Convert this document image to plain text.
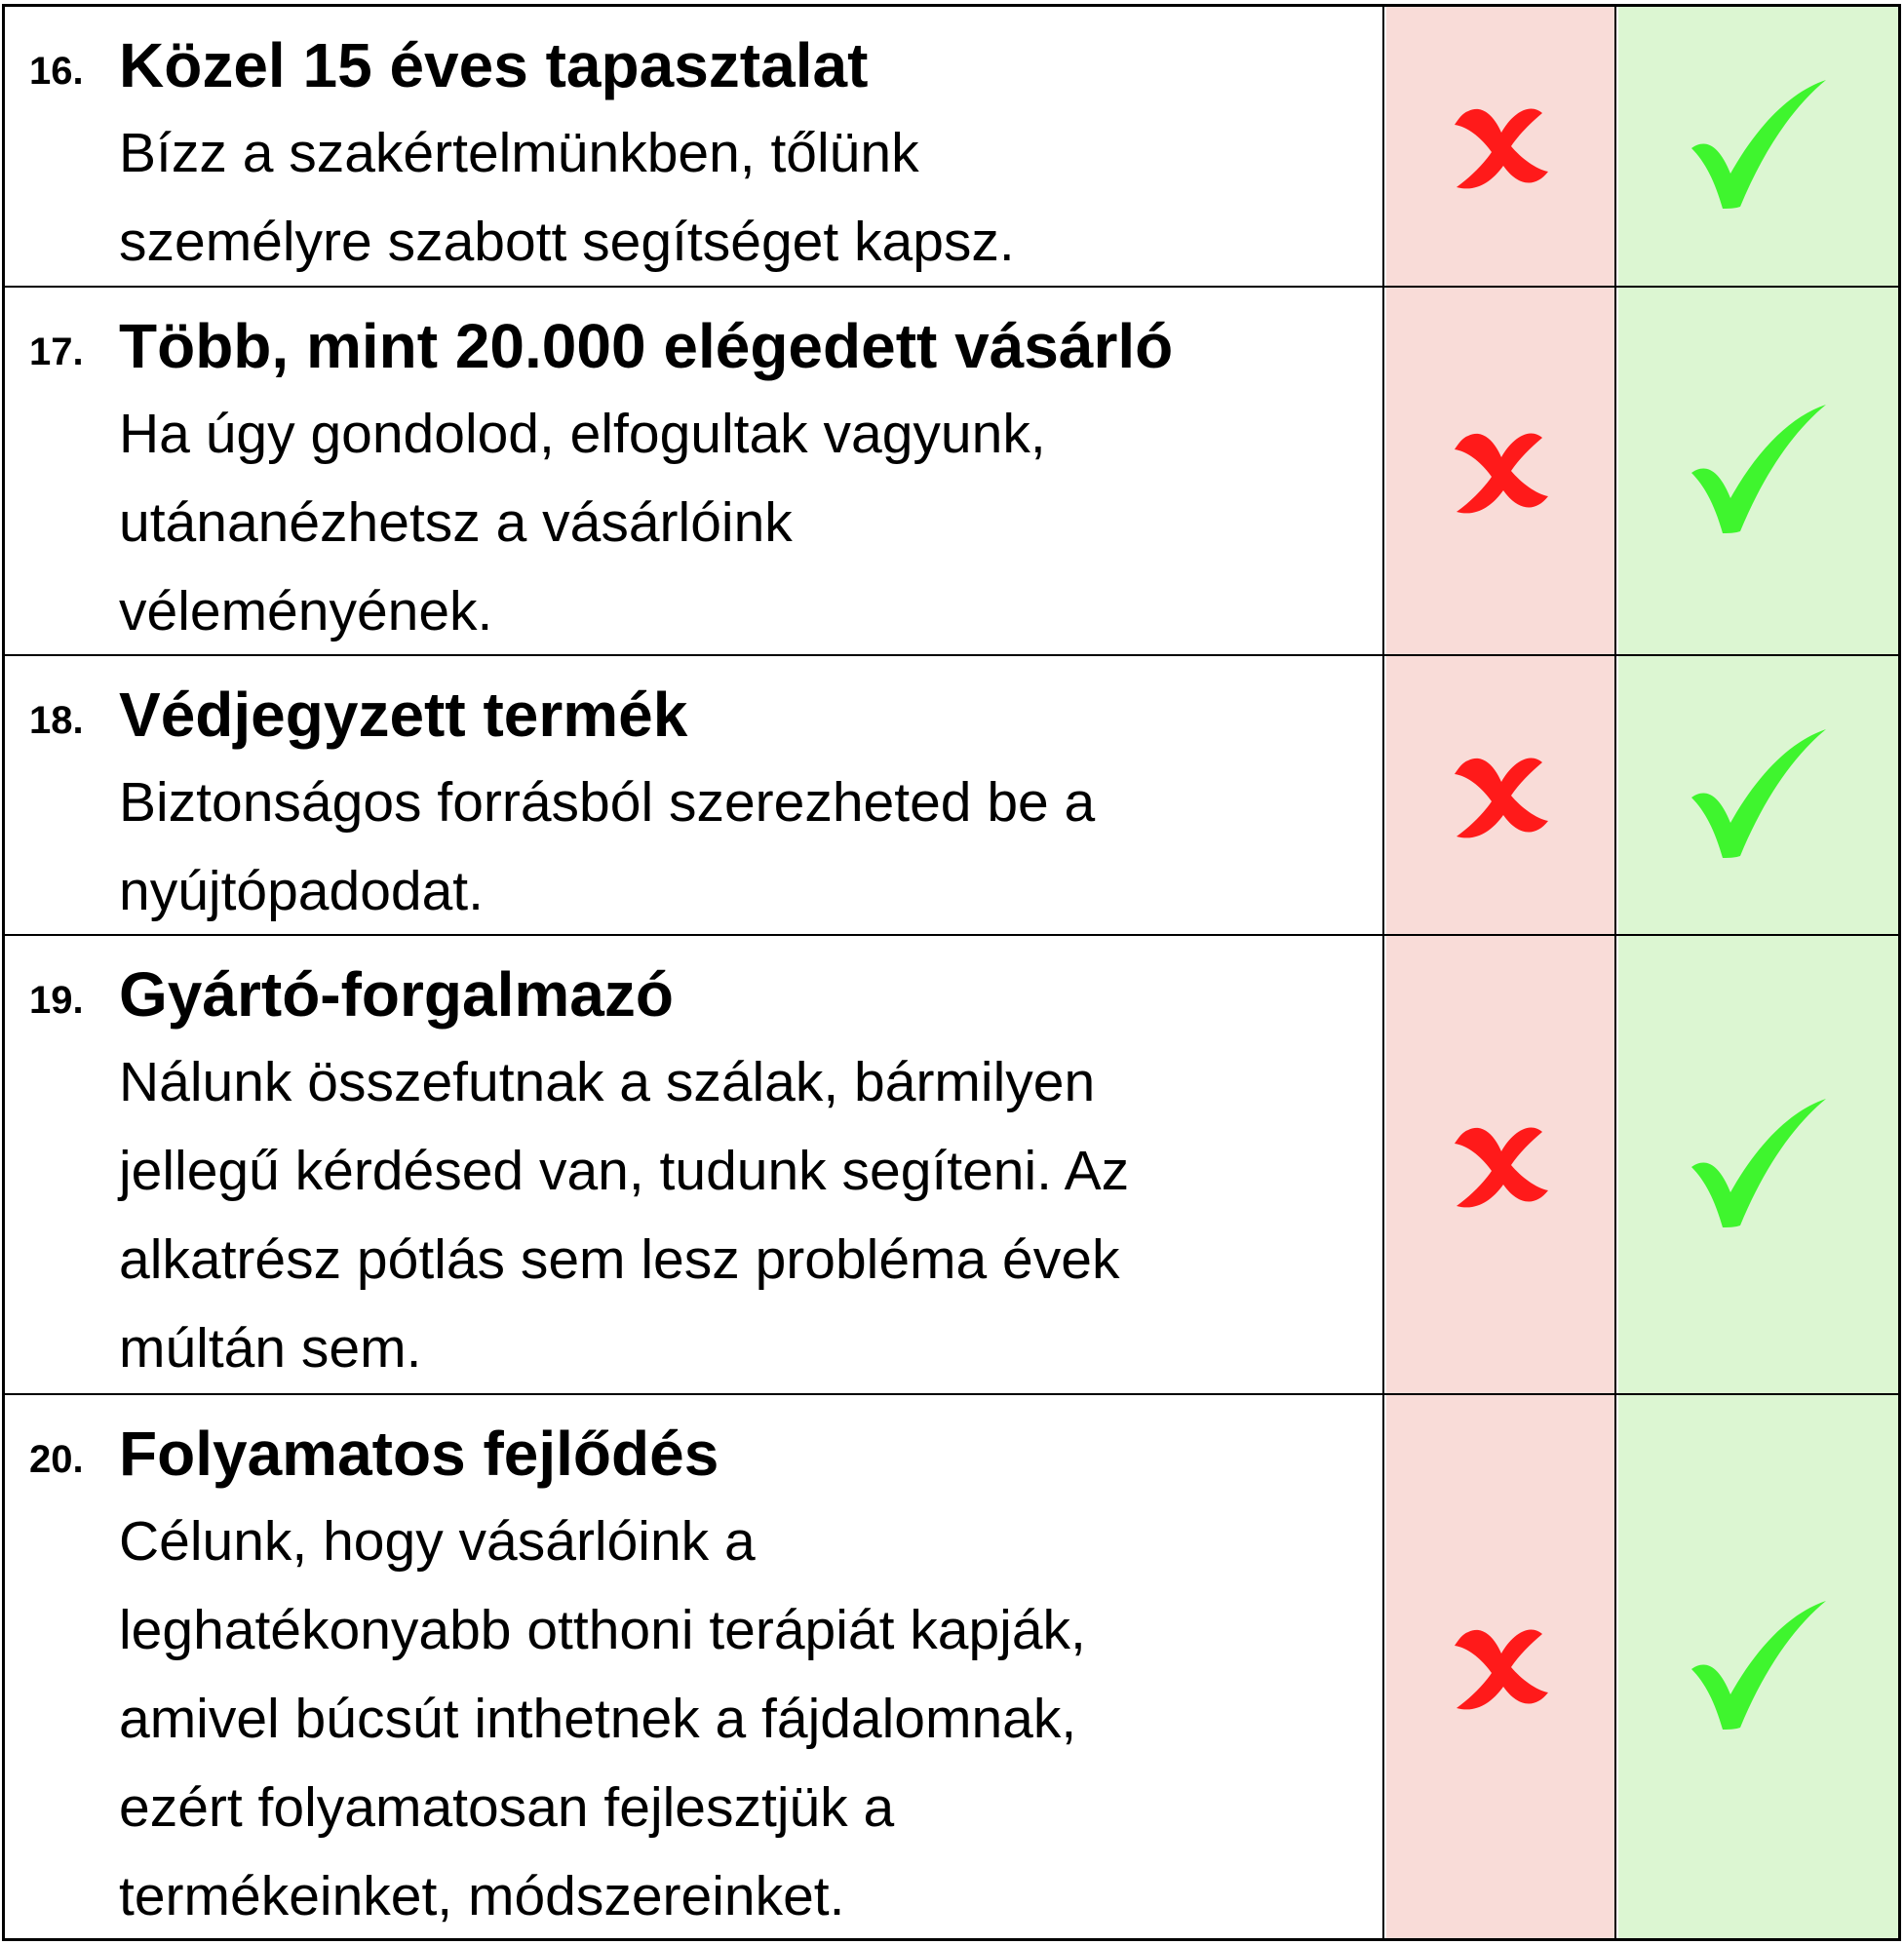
16. Közel 15 éves tapasztalat
Bízz a szakértelmünkben, tőlünk
személyre szabott segítséget kapsz.
17. Több, mint 20.000 elégedett vásárló
Ha úgy gondolod, elfogultak vagyunk,
utánanézhetsz a vásárlóink
véleményének.
18. Védjegyzett termék
Biztonságos forrásból szerezheted be a
nyújtópadodat.
19. Gyártó-forgalmazó
Nálunk összefutnak a szálak, bármilyen
jellegű kérdésed van, tudunk segíteni. Az
alkatrész pótlás sem lesz probléma évek
múltán sem.
20. Folyamatos fejlődés
Célunk, hogy vásárlóink a
leghatékonyabb otthoni terápiát kapják,
amivel búcsút inthetnek a fájdalomnak,
ezért folyamatosan fejlesztjük a
termékeinket, módszereinket.
